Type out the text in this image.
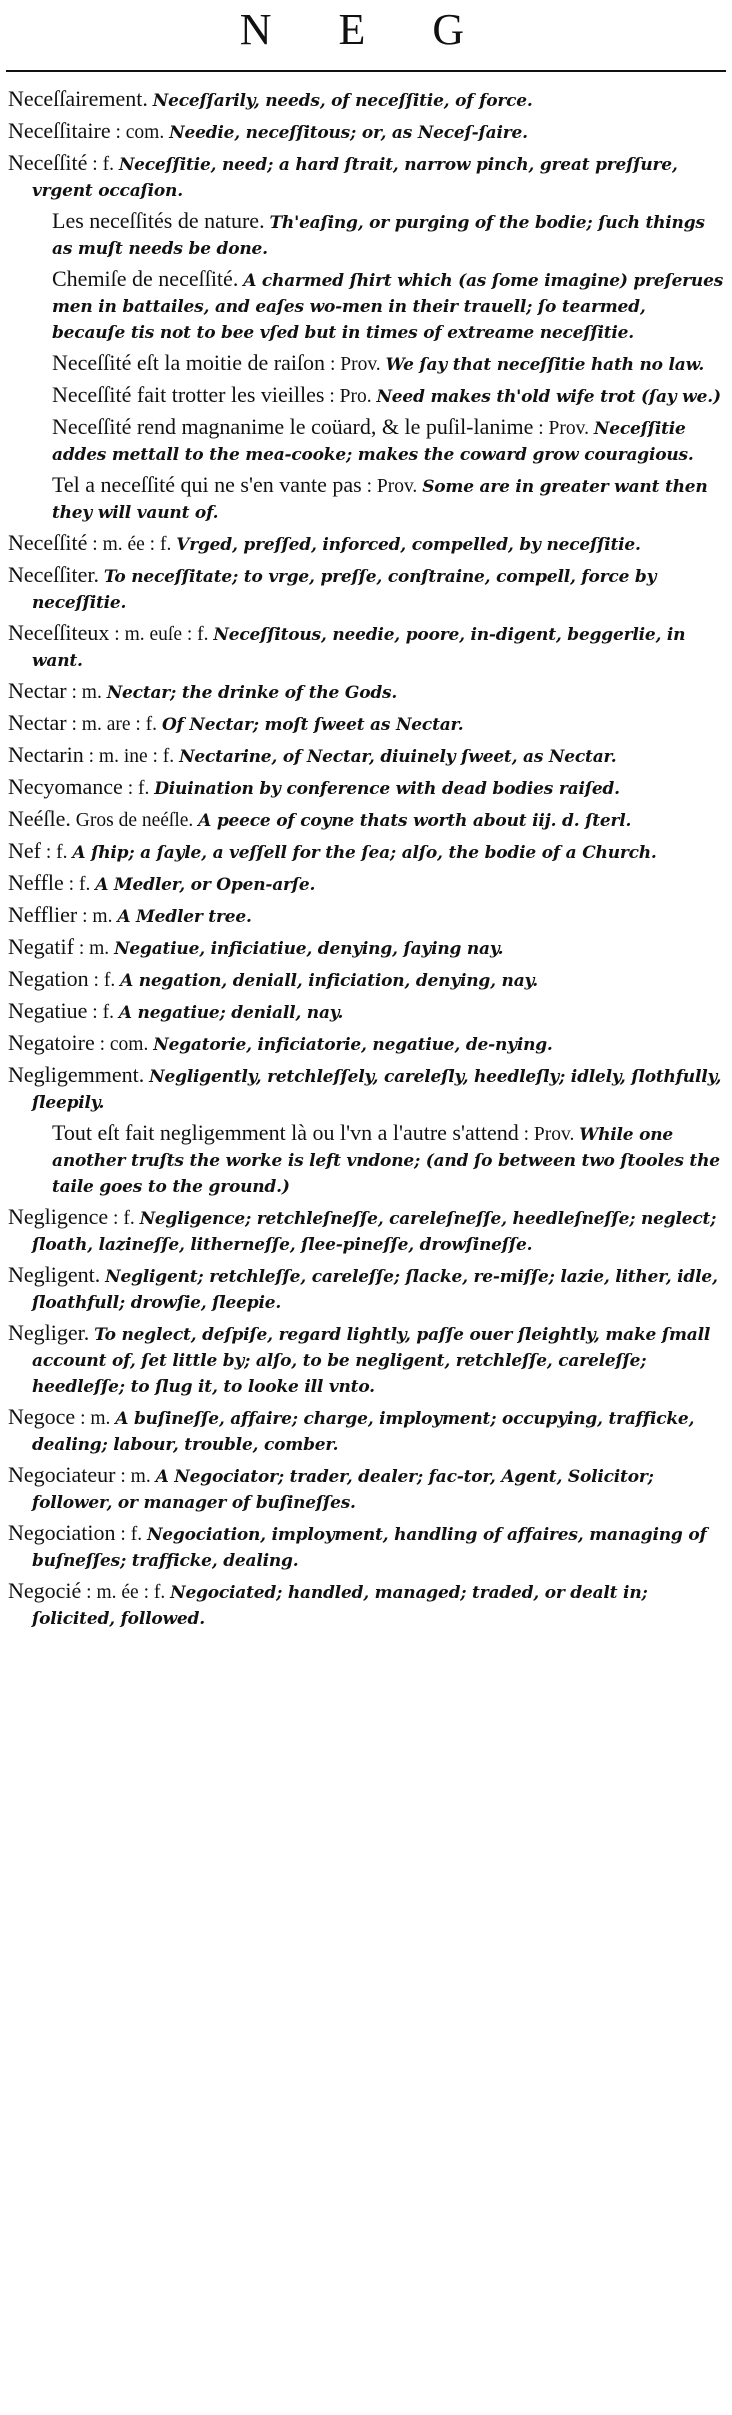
N E G
Neceſſairement. Neceſſarily, needs, of neceſſitie, of force.
Neceſſitaire : com. Needie, neceſſitous; or, as Neceſ-ſaire.
Neceſſité : f. Neceſſitie, need; a hard ſtrait, narrow pinch, great preſſure, vrgent occaſion.
Les neceſſités de nature. Th'eaſing, or purging of the bodie; ſuch things as muſt needs be done.
Chemiſe de neceſſité. A charmed ſhirt which (as ſome imagine) preſerues men in battailes, and eaſes wo-men in their trauell; ſo tearmed, becauſe tis not to bee vſed but in times of extreame neceſſitie.
Neceſſité eſt la moitie de raiſon : Prov. We ſay that neceſſitie hath no law.
Neceſſité fait trotter les vieilles : Pro. Need makes th'old wife trot (ſay we.)
Neceſſité rend magnanime le coüard, & le puſil-lanime : Prov. Neceſſitie addes mettall to the mea-cooke; makes the coward grow couragious.
Tel a neceſſité qui ne s'en vante pas : Prov. Some are in greater want then they will vaunt of.
Neceſſité : m. ée : f. Vrged, preſſed, inforced, compelled, by neceſſitie.
Neceſſiter. To neceſſitate; to vrge, preſſe, conſtraine, compell, force by neceſſitie.
Neceſſiteux : m. euſe : f. Neceſſitous, needie, poore, in-digent, beggerlie, in want.
Nectar : m. Nectar; the drinke of the Gods.
Nectar : m. are : f. Of Nectar; moſt ſweet as Nectar.
Nectarin : m. ine : f. Nectarine, of Nectar, diuinely ſweet, as Nectar.
Necyomance : f. Diuination by conference with dead bodies raiſed.
Neéſle. Gros de neéſle. A peece of coyne thats worth about iij. d. ſterl.
Nef : f. A ſhip; a ſayle, a veſſell for the ſea; alſo, the bodie of a Church.
Neffle : f. A Medler, or Open-arſe.
Nefflier : m. A Medler tree.
Negatif : m. Negatiue, inficiatiue, denying, ſaying nay.
Negation : f. A negation, deniall, inficiation, denying, nay.
Negatiue : f. A negatiue; deniall, nay.
Negatoire : com. Negatorie, inficiatorie, negatiue, de-nying.
Negligemment. Negligently, retchleſſely, careleſly, heedleſly; idlely, ſlothfully, ſleepily.
Tout eſt fait negligemment là ou l'vn a l'autre s'attend : Prov. While one another truſts the worke is left vndone; (and ſo between two ſtooles the taile goes to the ground.)
Negligence : f. Negligence; retchleſneſſe, careleſneſſe, heedleſneſſe; neglect; ſloath, lazineſſe, litherneſſe, ſlee-pineſſe, drowſineſſe.
Negligent. Negligent; retchleſſe, careleſſe; ſlacke, re-miſſe; lazie, lither, idle, ſloathfull; drowſie, ſleepie.
Negliger. To neglect, deſpiſe, regard lightly, paſſe ouer ſleightly, make ſmall account of, ſet little by; alſo, to be negligent, retchleſſe, careleſſe; heedleſſe; to ſlug it, to looke ill vnto.
Negoce : m. A buſineſſe, affaire; charge, imployment; occupying, trafficke, dealing; labour, trouble, comber.
Negociateur : m. A Negociator; trader, dealer; fac-tor, Agent, Solicitor; follower, or manager of buſineſſes.
Negociation : f. Negociation, imployment, handling of affaires, managing of buſneſſes; trafficke, dealing.
Negocié : m. ée : f. Negociated; handled, managed; traded, or dealt in; ſolicited, followed.
